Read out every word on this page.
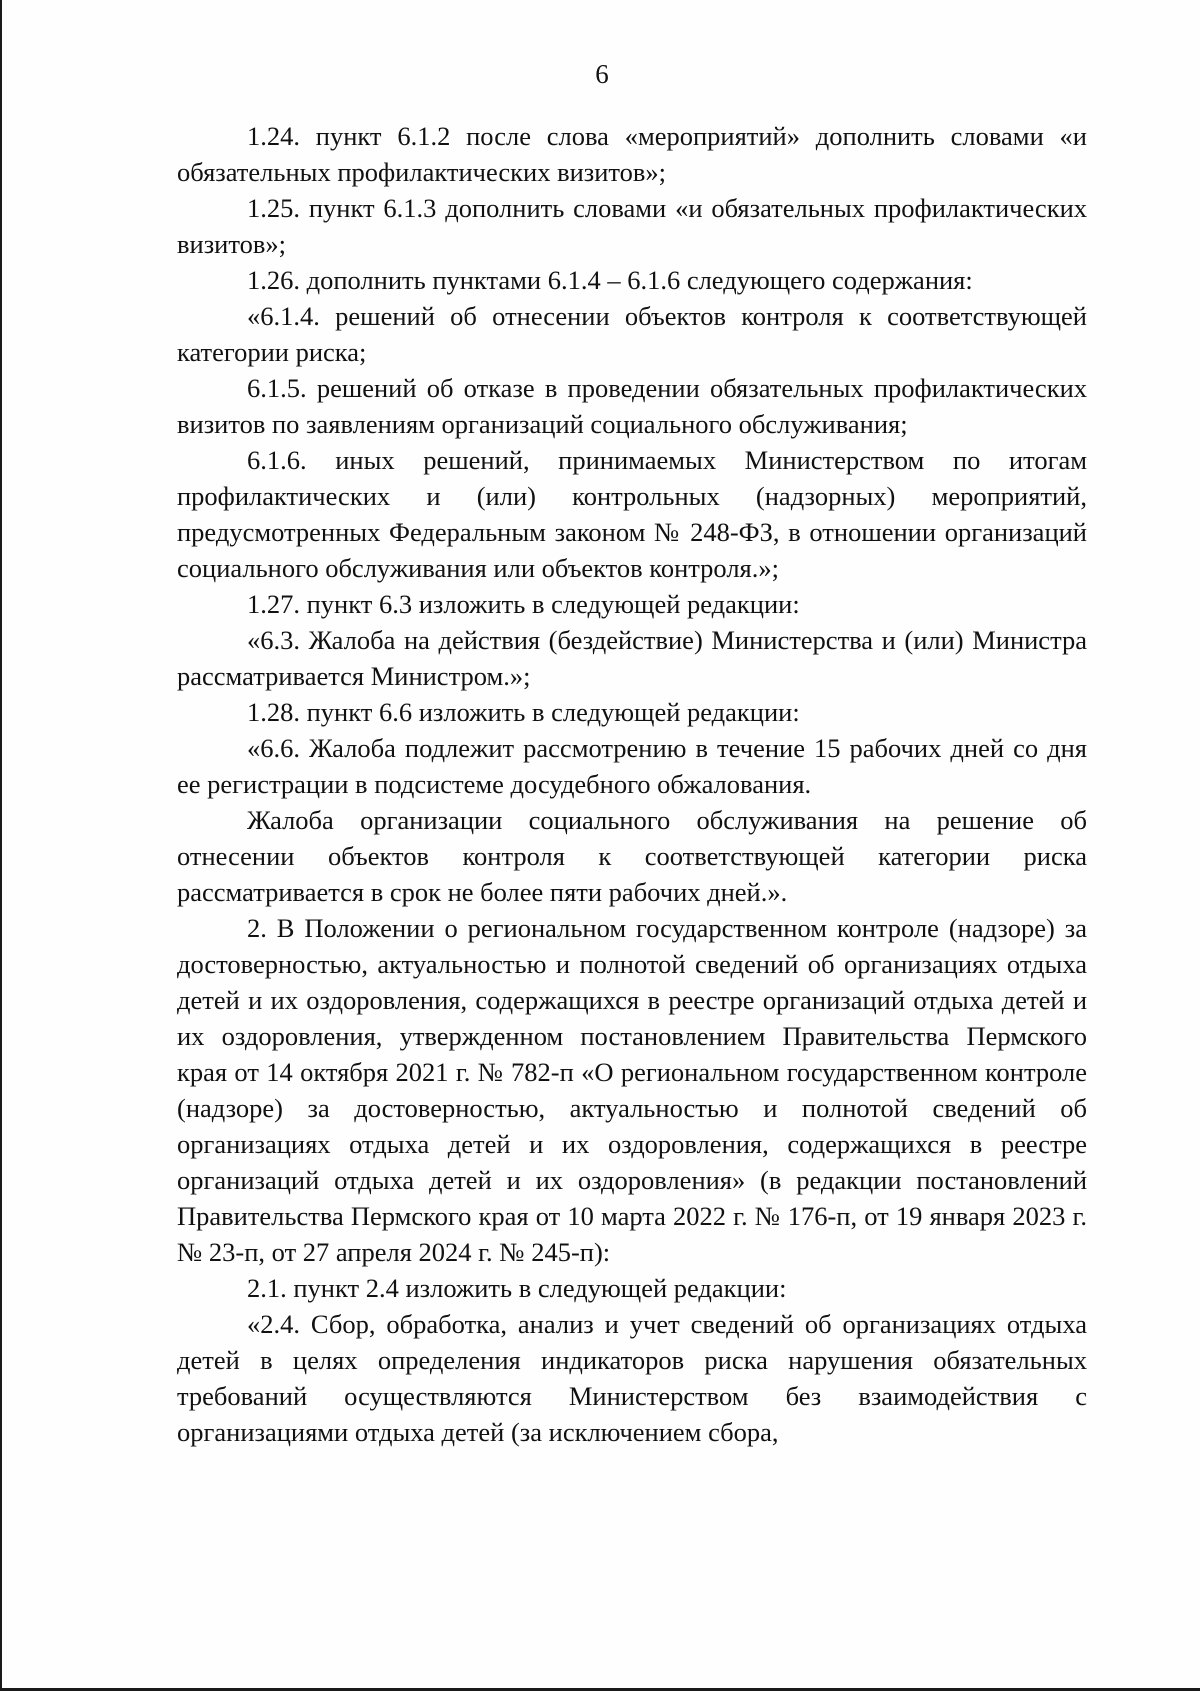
6

1.24. пункт 6.1.2 после слова «мероприятий» дополнить словами «и обязательных профилактических визитов»;

1.25. пункт 6.1.3 дополнить словами «и обязательных профилактических визитов»;

1.26. дополнить пунктами 6.1.4 – 6.1.6 следующего содержания:

«6.1.4. решений об отнесении объектов контроля к соответствующей категории риска;

6.1.5. решений об отказе в проведении обязательных профилактических визитов по заявлениям организаций социального обслуживания;

6.1.6. иных решений, принимаемых Министерством по итогам профилактических и (или) контрольных (надзорных) мероприятий, предусмотренных Федеральным законом № 248-ФЗ, в отношении организаций социального обслуживания или объектов контроля.»;

1.27. пункт 6.3 изложить в следующей редакции:

«6.3. Жалоба на действия (бездействие) Министерства и (или) Министра рассматривается Министром.»;

1.28. пункт 6.6 изложить в следующей редакции:

«6.6. Жалоба подлежит рассмотрению в течение 15 рабочих дней со дня ее регистрации в подсистеме досудебного обжалования.

Жалоба организации социального обслуживания на решение об отнесении объектов контроля к соответствующей категории риска рассматривается в срок не более пяти рабочих дней.».

2. В Положении о региональном государственном контроле (надзоре) за достоверностью, актуальностью и полнотой сведений об организациях отдыха детей и их оздоровления, содержащихся в реестре организаций отдыха детей и их оздоровления, утвержденном постановлением Правительства Пермского края от 14 октября 2021 г. № 782-п «О региональном государственном контроле (надзоре) за достоверностью, актуальностью и полнотой сведений об организациях отдыха детей и их оздоровления, содержащихся в реестре организаций отдыха детей и их оздоровления» (в редакции постановлений Правительства Пермского края от 10 марта 2022 г. № 176-п, от 19 января 2023 г. № 23-п, от 27 апреля 2024 г. № 245-п):

2.1. пункт 2.4 изложить в следующей редакции:

«2.4. Сбор, обработка, анализ и учет сведений об организациях отдыха детей в целях определения индикаторов риска нарушения обязательных требований осуществляются Министерством без взаимодействия с организациями отдыха детей (за исключением сбора,
